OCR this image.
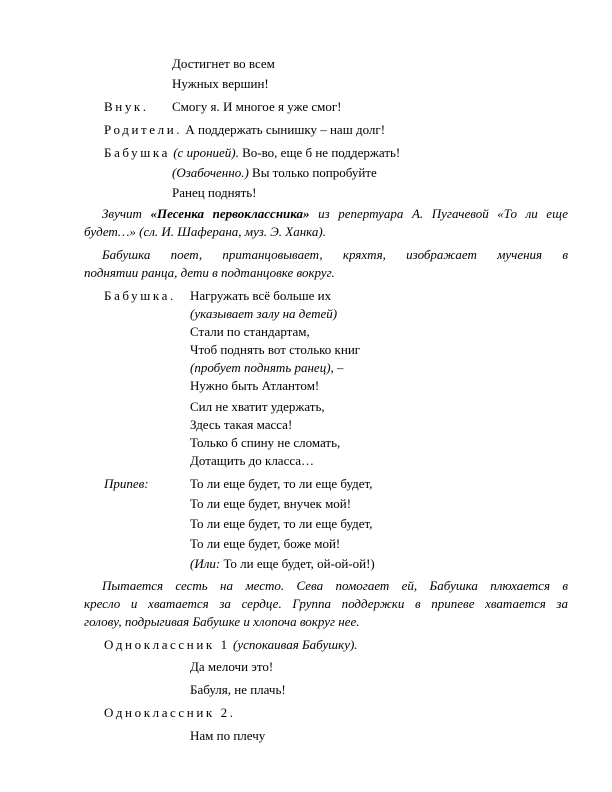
Достигнет во всем
Нужных вершин!
Внук. Смогу я. И многое я уже смог!
Родители. А поддержать сынишку – наш долг!
Бабушка (с иронией). Во-во, еще б не поддержать!
(Озабоченно.) Вы только попробуйте
Ранец поднять!
Звучит «Песенка первоклассника» из репертуара А. Пугачевой «То ли еще
будет…» (сл. И. Шаферана, муз. Э. Ханка).
Бабушка поет, пританцовывает, кряхтя, изображает мучения в
поднятии ранца, дети в подтанцовке вокруг.
Бабушка. Нагружать всё больше их
(указывает залу на детей)
Стали по стандартам,
Чтоб поднять вот столько книг
(пробует поднять ранец), –
Нужно быть Атлантом!
Сил не хватит удержать,
Здесь такая масса!
Только б спину не сломать,
Дотащить до класса…
Припев:	То ли еще будет, то ли еще будет,
То ли еще будет, внучек мой!
То ли еще будет, то ли еще будет,
То ли еще будет, боже мой!
(Или: То ли еще будет, ой-ой-ой!)
Пытается сесть на место. Сева помогает ей, Бабушка плюхается в
кресло и хватается за сердце. Группа поддержки в припеве хватается за
голову, подрыгивая Бабушке и хлопоча вокруг нее.
Одноклассник 1 (успокаивая Бабушку).
Да мелочи это!
Бабуля, не плачь!
Одноклассник 2.
Нам по плечу
